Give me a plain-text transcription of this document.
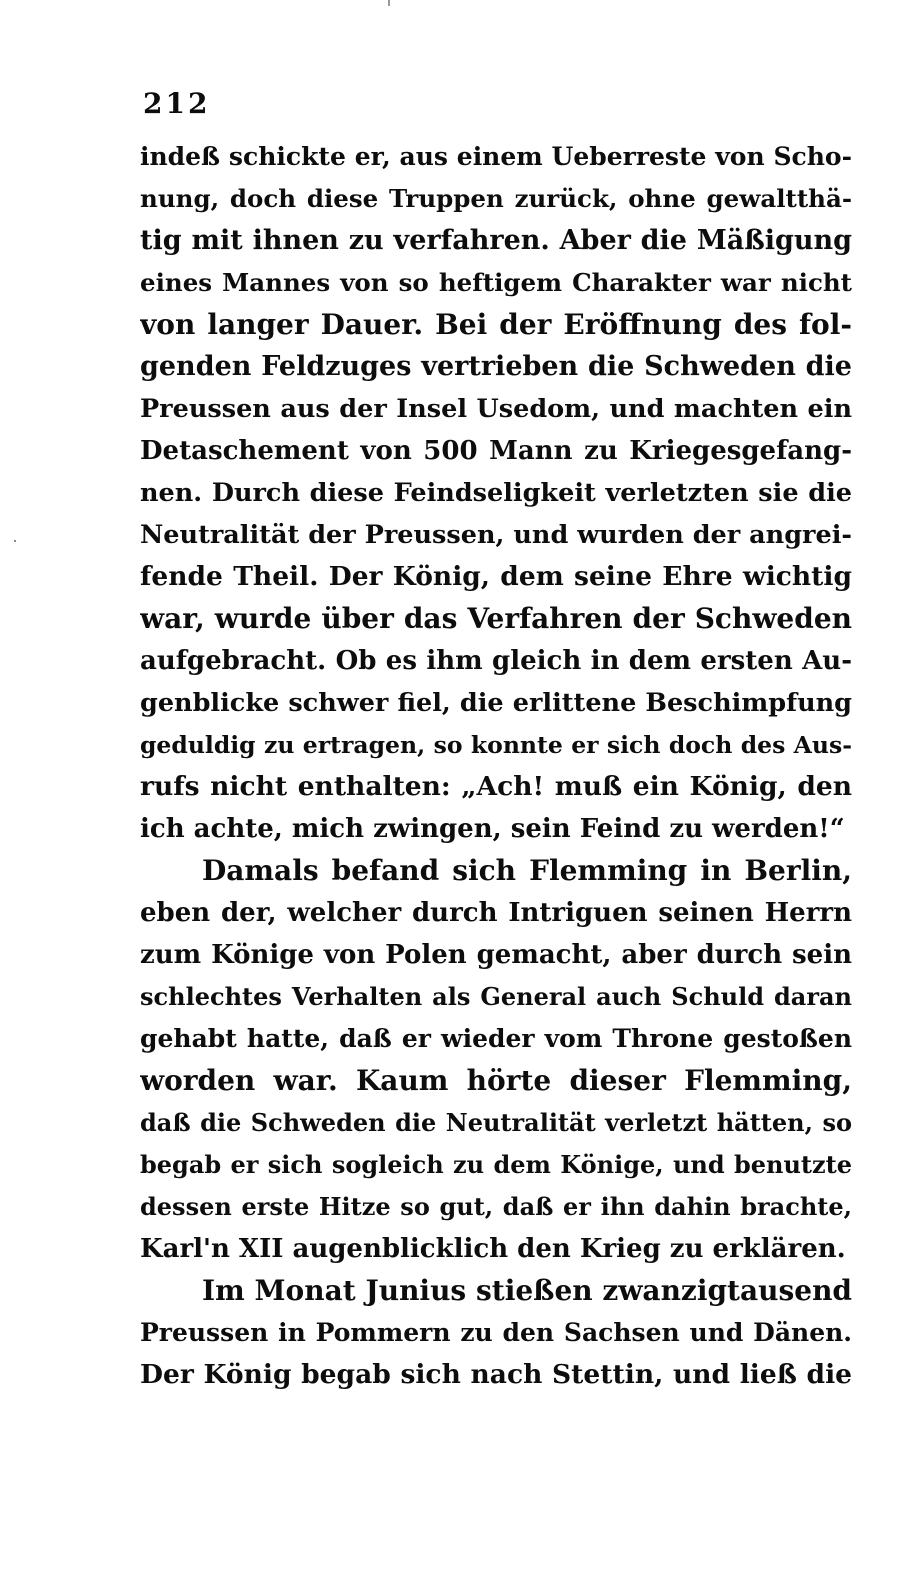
212
indeß schickte er, aus einem Ueberreste von Scho-
nung, doch diese Truppen zurück, ohne gewaltthä-
tig mit ihnen zu verfahren. Aber die Mäßigung
eines Mannes von so heftigem Charakter war nicht
von langer Dauer. Bei der Eröffnung des fol-
genden Feldzuges vertrieben die Schweden die
Preussen aus der Insel Usedom, und machten ein
Detaschement von 500 Mann zu Kriegesgefang-
nen. Durch diese Feindseligkeit verletzten sie die
Neutralität der Preussen, und wurden der angrei-
fende Theil. Der König, dem seine Ehre wichtig
war, wurde über das Verfahren der Schweden
aufgebracht. Ob es ihm gleich in dem ersten Au-
genblicke schwer fiel, die erlittene Beschimpfung
geduldig zu ertragen, so konnte er sich doch des Aus-
rufs nicht enthalten: „Ach! muß ein König, den
ich achte, mich zwingen, sein Feind zu werden!“
Damals befand sich Flemming in Berlin,
eben der, welcher durch Intriguen seinen Herrn
zum Könige von Polen gemacht, aber durch sein
schlechtes Verhalten als General auch Schuld daran
gehabt hatte, daß er wieder vom Throne gestoßen
worden war. Kaum hörte dieser Flemming,
daß die Schweden die Neutralität verletzt hätten, so
begab er sich sogleich zu dem Könige, und benutzte
dessen erste Hitze so gut, daß er ihn dahin brachte,
Karl'n XII augenblicklich den Krieg zu erklären.
Im Monat Junius stießen zwanzigtausend
Preussen in Pommern zu den Sachsen und Dänen.
Der König begab sich nach Stettin, und ließ die
